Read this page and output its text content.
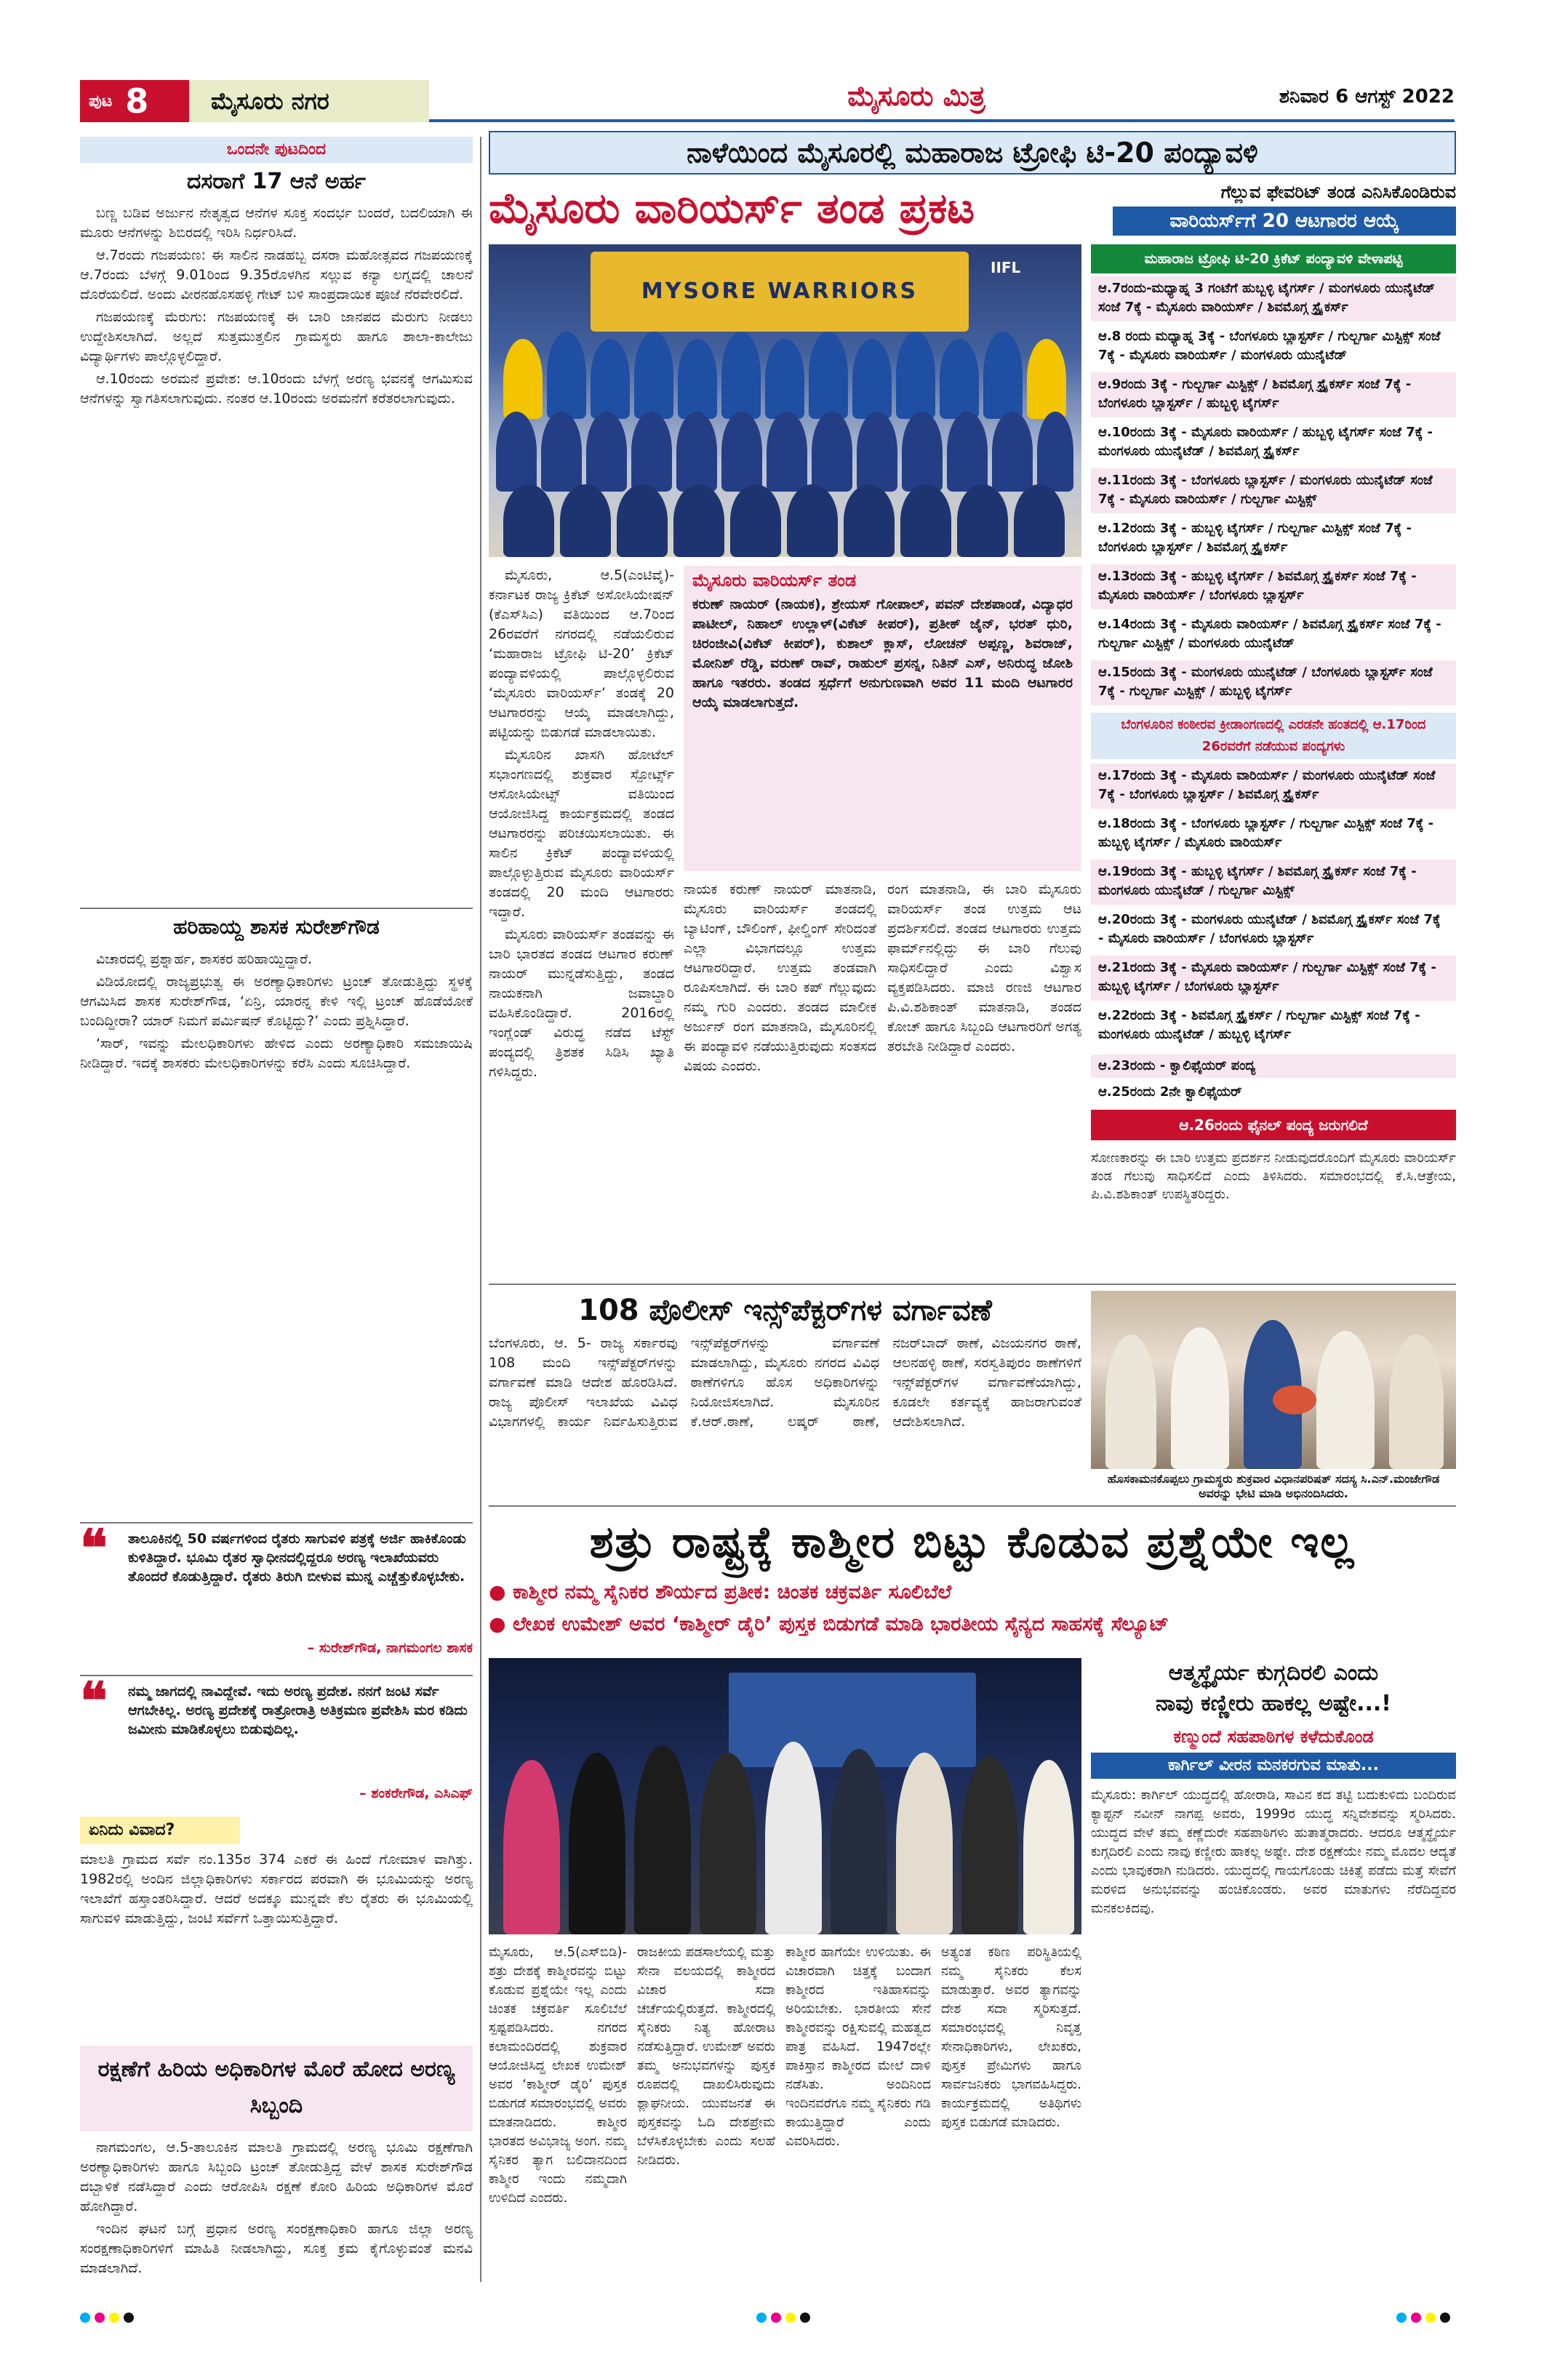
ಪುಟ 8	ಮೈಸೂರು ನಗರ	ಮೈಸೂರು ಮಿತ್ರ	ಶನಿವಾರ 6 ಆಗಸ್ಟ್ 2022
ಒಂದನೇ ಪುಟದಿಂದ
ದಸರಾಗೆ 17 ಆನೆ ಅರ್ಹ

ಬಣ್ಣ ಬಡಿವ ಅರ್ಜುನ ನೇತೃತ್ವದ ಆನೆಗಳ ಸೂಕ್ತ ಸಂದರ್ಭ ಬಂದರೆ, ಬದಲಿಯಾಗಿ ಈ ಮೂರು ಆನೆಗಳನ್ನು ಶಿಬಿರದಲ್ಲಿ ಇರಿಸಿ ನಿರ್ಧರಿಸಿದೆ.

ಆ.7ರಂದು ಗಜಪಯಣ: ಈ ಸಾಲಿನ ನಾಡಹಬ್ಬ ದಸರಾ ಮಹೋತ್ಸವದ ಗಜಪಯಣಕ್ಕೆ ಆ.7ರಂದು ಬೆಳಗ್ಗೆ 9.01ರಿಂದ 9.35ರೊಳಗಿನ ಸಲ್ಲುವ ಕನ್ಯಾ ಲಗ್ನದಲ್ಲಿ ಚಾಲನೆ ದೊರೆಯಲಿದೆ. ಅಂದು ವೀರನಹೊಸಹಳ್ಳಿ ಗೇಟ್ ಬಳಿ ಸಾಂಪ್ರದಾಯಿಕ ಪೂಜೆ ನೆರವೇರಲಿದೆ.

ಗಜಪಯಣಕ್ಕೆ ಮೆರುಗು: ಗಜಪಯಣಕ್ಕೆ ಈ ಬಾರಿ ಜಾನಪದ ಮೆರುಗು ನೀಡಲು ಉದ್ದೇಶಿಸಲಾಗಿದೆ. ಅಲ್ಲದೆ ಸುತ್ತಮುತ್ತಲಿನ ಗ್ರಾಮಸ್ಥರು ಹಾಗೂ ಶಾಲಾ-ಕಾಲೇಜು ವಿದ್ಯಾರ್ಥಿಗಳು ಪಾಲ್ಗೊಳ್ಳಲಿದ್ದಾರೆ.

ಆ.10ರಂದು ಅರಮನೆ ಪ್ರವೇಶ: ಆ.10ರಂದು ಬೆಳಗ್ಗೆ ಅರಣ್ಯ ಭವನಕ್ಕೆ ಆಗಮಿಸುವ ಆನೆಗಳನ್ನು ಸ್ವಾಗತಿಸಲಾಗುವುದು. ನಂತರ ಆ.10ರಂದು ಅರಮನೆಗೆ ಕರೆತರಲಾಗುವುದು.

ಹರಿಹಾಯ್ದ ಶಾಸಕ ಸುರೇಶ್‌ಗೌಡ

ವಿಚಾರದಲ್ಲಿ ಪ್ರಶ್ನಾರ್ಹ, ಶಾಸಕರ ಹರಿಹಾಯ್ದಿದ್ದಾರೆ.

ವಿಡಿಯೋದಲ್ಲಿ ರಾಜ್ಯಪ್ರಭುತ್ವ ಈ ಅರಣ್ಯಾಧಿಕಾರಿಗಳು ಟ್ರಂಚ್ ತೋಡುತ್ತಿದ್ದು ಸ್ಥಳಕ್ಕೆ ಆಗಮಿಸಿದ ಶಾಸಕ ಸುರೇಶ್‌ಗೌಡ, ‘ಏನ್ರಿ, ಯಾರನ್ನ ಕೇಳಿ ಇಲ್ಲಿ ಟ್ರಂಚ್ ಹೊಡೆಯೋಕೆ ಬಂದಿದ್ದೀರಾ? ಯಾರ್ ನಿಮಗೆ ಪರ್ಮಿಷನ್ ಕೊಟ್ಟಿದ್ದು?’ ಎಂದು ಪ್ರಶ್ನಿಸಿದ್ದಾರೆ.

‘ಸಾರ್, ಇವನ್ನು ಮೇಲಧಿಕಾರಿಗಳು ಹೇಳಿದ ಎಂದು ಅರಣ್ಯಾಧಿಕಾರಿ ಸಮಜಾಯಿಷಿ ನೀಡಿದ್ದಾರೆ. ಇದಕ್ಕೆ ಶಾಸಕರು ಮೇಲಧಿಕಾರಿಗಳನ್ನು ಕರೆಸಿ ಎಂದು ಸೂಚಿಸಿದ್ದಾರೆ.

❝ ತಾಲೂಕಿನಲ್ಲಿ 50 ವರ್ಷಗಳಿಂದ ರೈತರು ಸಾಗುವಳಿ ಪತ್ರಕ್ಕೆ ಅರ್ಜಿ ಹಾಕಿಕೊಂಡು ಕುಳಿತಿದ್ದಾರೆ. ಭೂಮಿ ರೈತರ ಸ್ವಾಧೀನದಲ್ಲಿದ್ದರೂ ಅರಣ್ಯ ಇಲಾಖೆಯವರು ತೊಂದರೆ ಕೊಡುತ್ತಿದ್ದಾರೆ. ರೈತರು ತಿರುಗಿ ಬೀಳುವ ಮುನ್ನ ಎಚ್ಚೆತ್ತುಕೊಳ್ಳಬೇಕು.
– ಸುರೇಶ್‌ಗೌಡ, ನಾಗಮಂಗಲ ಶಾಸಕ
❝ ನಮ್ಮ ಜಾಗದಲ್ಲಿ ನಾವಿದ್ದೇವೆ. ಇದು ಅರಣ್ಯ ಪ್ರದೇಶ. ನನಗೆ ಜಂಟಿ ಸರ್ವೆ ಆಗಬೇಕಿಲ್ಲ. ಅರಣ್ಯ ಪ್ರದೇಶಕ್ಕೆ ರಾತ್ರೋರಾತ್ರಿ ಅತಿಕ್ರಮಣ ಪ್ರವೇಶಿಸಿ ಮರ ಕಡಿದು ಜಮೀನು ಮಾಡಿಕೊಳ್ಳಲು ಬಿಡುವುದಿಲ್ಲ.
– ಶಂಕರೇಗೌಡ, ಎಸಿಎಫ್
ಏನಿದು ವಿವಾದ?
ಮಾಲತಿ ಗ್ರಾಮದ ಸರ್ವೆ ನಂ.135ರ 374 ಎಕರೆ ಈ ಹಿಂದೆ ಗೋಮಾಳ ವಾಗಿತ್ತು. 1982ರಲ್ಲಿ ಅಂದಿನ ಜಿಲ್ಲಾಧಿಕಾರಿಗಳು ಸರ್ಕಾರದ ಪರವಾಗಿ ಈ ಭೂಮಿಯನ್ನು ಅರಣ್ಯ ಇಲಾಖೆಗೆ ಹಸ್ತಾಂತರಿಸಿದ್ದಾರೆ. ಆದರೆ ಅದಕ್ಕೂ ಮುನ್ನವೇ ಕೆಲ ರೈತರು ಈ ಭೂಮಿಯಲ್ಲಿ ಸಾಗುವಳಿ ಮಾಡುತ್ತಿದ್ದು, ಜಂಟಿ ಸರ್ವೆಗೆ ಒತ್ತಾಯಿಸುತ್ತಿದ್ದಾರೆ.
ರಕ್ಷಣೆಗೆ ಹಿರಿಯ ಅಧಿಕಾರಿಗಳ ಮೊರೆ ಹೋದ ಅರಣ್ಯ ಸಿಬ್ಬಂದಿ

ನಾಗಮಂಗಲ, ಆ.5-ತಾಲೂಕಿನ ಮಾಲತಿ ಗ್ರಾಮದಲ್ಲಿ ಅರಣ್ಯ ಭೂಮಿ ರಕ್ಷಣೆಗಾಗಿ ಅರಣ್ಯಾಧಿಕಾರಿಗಳು ಹಾಗೂ ಸಿಬ್ಬಂದಿ ಟ್ರಂಚ್ ತೋಡುತ್ತಿದ್ದ ವೇಳೆ ಶಾಸಕ ಸುರೇಶ್‌ಗೌಡ ದಬ್ಬಾಳಿಕೆ ನಡೆಸಿದ್ದಾರೆ ಎಂದು ಆರೋಪಿಸಿ ರಕ್ಷಣೆ ಕೋರಿ ಹಿರಿಯ ಅಧಿಕಾರಿಗಳ ಮೊರೆ ಹೋಗಿದ್ದಾರೆ.

ಇಂದಿನ ಘಟನೆ ಬಗ್ಗೆ ಪ್ರಧಾನ ಅರಣ್ಯ ಸಂರಕ್ಷಣಾಧಿಕಾರಿ ಹಾಗೂ ಜಿಲ್ಲಾ ಅರಣ್ಯ ಸಂರಕ್ಷಣಾಧಿಕಾರಿಗಳಿಗೆ ಮಾಹಿತಿ ನೀಡಲಾಗಿದ್ದು, ಸೂಕ್ತ ಕ್ರಮ ಕೈಗೊಳ್ಳುವಂತೆ ಮನವಿ ಮಾಡಲಾಗಿದೆ.

ನಾಳೆಯಿಂದ ಮೈಸೂರಲ್ಲಿ ಮಹಾರಾಜ ಟ್ರೋಫಿ ಟಿ-20 ಪಂದ್ಯಾವಳಿ
ಮೈಸೂರು ವಾರಿಯರ್ಸ್ ತಂಡ ಪ್ರಕಟ	ಗೆಲ್ಲುವ ಫೇವರಿಟ್ ತಂಡ ಎನಿಸಿಕೊಂಡಿರುವ
ವಾರಿಯರ್ಸ್‌ಗೆ 20 ಆಟಗಾರರ ಆಯ್ಕೆ
MYSORE WARRIORS
IIFL

ಮೈಸೂರು, ಆ.5(ಎಂಟಿವೈ)- ಕರ್ನಾಟಕ ರಾಜ್ಯ ಕ್ರಿಕೆಟ್ ಅಸೋಸಿಯೇಷನ್ (ಕೆಎಸ್‌ಸಿಎ) ವತಿಯಿಂದ ಆ.7ರಿಂದ 26ರವರೆಗೆ ನಗರದಲ್ಲಿ ನಡೆಯಲಿರುವ ‘ಮಹಾರಾಜ ಟ್ರೋಫಿ ಟಿ-20’ ಕ್ರಿಕೆಟ್ ಪಂದ್ಯಾವಳಿಯಲ್ಲಿ ಪಾಲ್ಗೊಳ್ಳಲಿರುವ ‘ಮೈಸೂರು ವಾರಿಯರ್ಸ್’ ತಂಡಕ್ಕೆ 20 ಆಟಗಾರರನ್ನು ಆಯ್ಕೆ ಮಾಡಲಾಗಿದ್ದು, ಪಟ್ಟಿಯನ್ನು ಬಿಡುಗಡೆ ಮಾಡಲಾಯಿತು.

ಮೈಸೂರಿನ ಖಾಸಗಿ ಹೋಟೆಲ್ ಸಭಾಂಗಣದಲ್ಲಿ ಶುಕ್ರವಾರ ಸ್ಪೋರ್ಟ್ಸ್ ಆಸೋಸಿಯೇಟ್ಸ್ ವತಿಯಿಂದ ಆಯೋಜಿಸಿದ್ದ ಕಾರ್ಯಕ್ರಮದಲ್ಲಿ ತಂಡದ ಆಟಗಾರರನ್ನು ಪರಿಚಯಿಸಲಾಯಿತು. ಈ ಸಾಲಿನ ಕ್ರಿಕೆಟ್ ಪಂದ್ಯಾವಳಿಯಲ್ಲಿ ಪಾಲ್ಗೊಳ್ಳುತ್ತಿರುವ ಮೈಸೂರು ವಾರಿಯರ್ಸ್ ತಂಡದಲ್ಲಿ 20 ಮಂದಿ ಆಟಗಾರರು ಇದ್ದಾರೆ.

ಮೈಸೂರು ವಾರಿಯರ್ಸ್ ತಂಡವನ್ನು ಈ ಬಾರಿ ಭಾರತದ ತಂಡದ ಆಟಗಾರ ಕರುಣ್ ನಾಯರ್ ಮುನ್ನಡೆಸುತ್ತಿದ್ದು, ತಂಡದ ನಾಯಕನಾಗಿ ಜವಾಬ್ದಾರಿ ವಹಿಸಿಕೊಂಡಿದ್ದಾರೆ. 2016ರಲ್ಲಿ ಇಂಗ್ಲೆಂಡ್ ವಿರುದ್ಧ ನಡೆದ ಟೆಸ್ಟ್ ಪಂದ್ಯದಲ್ಲಿ ತ್ರಿಶತಕ ಸಿಡಿಸಿ ಖ್ಯಾತಿ ಗಳಿಸಿದ್ದರು.

ಮೈಸೂರು ವಾರಿಯರ್ಸ್ ತಂಡ
ಕರುಣ್ ನಾಯರ್ (ನಾಯಕ), ಶ್ರೇಯಸ್ ಗೋಪಾಲ್, ಪವನ್ ದೇಶಪಾಂಡೆ, ವಿದ್ಯಾಧರ ಪಾಟೀಲ್, ನಿಹಾಲ್ ಉಲ್ಲಾಳ್(ವಿಕೆಟ್ ಕೀಪರ್), ಪ್ರತೀಕ್ ಜೈನ್, ಭರತ್ ಧುರಿ, ಚಿರಂಜೀವಿ(ವಿಕೆಟ್ ಕೀಪರ್), ಕುಶಾಲ್ ಕ್ಲಾಸ್, ಲೋಚನ್ ಅಪ್ಪಣ್ಣ, ಶಿವರಾಜ್, ಮೋನಿಶ್ ರೆಡ್ಡಿ, ವರುಣ್ ರಾವ್, ರಾಹುಲ್ ಪ್ರಸನ್ನ, ನಿತಿನ್ ಎಸ್, ಅನಿರುದ್ಧ ಜೋಶಿ ಹಾಗೂ ಇತರರು. ತಂಡದ ಸ್ಪರ್ಧೆಗೆ ಅನುಗುಣವಾಗಿ ಅವರ 11 ಮಂದಿ ಆಟಗಾರರ ಆಯ್ಕೆ ಮಾಡಲಾಗುತ್ತದೆ.
ನಾಯಕ ಕರುಣ್ ನಾಯರ್ ಮಾತನಾಡಿ, ಮೈಸೂರು ವಾರಿಯರ್ಸ್ ತಂಡದಲ್ಲಿ ಬ್ಯಾಟಿಂಗ್, ಬೌಲಿಂಗ್, ಫೀಲ್ಡಿಂಗ್ ಸೇರಿದಂತೆ ಎಲ್ಲಾ ವಿಭಾಗದಲ್ಲೂ ಉತ್ತಮ ಆಟಗಾರರಿದ್ದಾರೆ. ಉತ್ತಮ ತಂಡವಾಗಿ ರೂಪಿಸಲಾಗಿದೆ. ಈ ಬಾರಿ ಕಪ್ ಗೆಲ್ಲುವುದು ನಮ್ಮ ಗುರಿ ಎಂದರು. ತಂಡದ ಮಾಲೀಕ ಅರ್ಜುನ್ ರಂಗ ಮಾತನಾಡಿ, ಮೈಸೂರಿನಲ್ಲಿ ಈ ಪಂದ್ಯಾವಳಿ ನಡೆಯುತ್ತಿರುವುದು ಸಂತಸದ ವಿಷಯ ಎಂದರು.
ರಂಗ ಮಾತನಾಡಿ, ಈ ಬಾರಿ ಮೈಸೂರು ವಾರಿಯರ್ಸ್ ತಂಡ ಉತ್ತಮ ಆಟ ಪ್ರದರ್ಶಿಸಲಿದೆ. ತಂಡದ ಆಟಗಾರರು ಉತ್ತಮ ಫಾರ್ಮ್‌ನಲ್ಲಿದ್ದು ಈ ಬಾರಿ ಗೆಲುವು ಸಾಧಿಸಲಿದ್ದಾರೆ ಎಂದು ವಿಶ್ವಾಸ ವ್ಯಕ್ತಪಡಿಸಿದರು. ಮಾಜಿ ರಣಜಿ ಆಟಗಾರ ಪಿ.ವಿ.ಶಶಿಕಾಂತ್ ಮಾತನಾಡಿ, ತಂಡದ ಕೋಚ್ ಹಾಗೂ ಸಿಬ್ಬಂದಿ ಆಟಗಾರರಿಗೆ ಅಗತ್ಯ ತರಬೇತಿ ನೀಡಿದ್ದಾರೆ ಎಂದರು.
ಮಹಾರಾಜ ಟ್ರೋಫಿ ಟಿ-20 ಕ್ರಿಕೆಟ್ ಪಂದ್ಯಾವಳಿ ವೇಳಾಪಟ್ಟಿ
ಆ.7ರಂದು-ಮಧ್ಯಾಹ್ನ 3 ಗಂಟೆಗೆ ಹುಬ್ಬಳ್ಳಿ ಟೈಗರ್ಸ್ / ಮಂಗಳೂರು ಯುನೈಟೆಡ್ ಸಂಜೆ 7ಕ್ಕೆ - ಮೈಸೂರು ವಾರಿಯರ್ಸ್ / ಶಿವಮೊಗ್ಗ ಸ್ಟ್ರೈಕರ್ಸ್
ಆ.8 ರಂದು ಮಧ್ಯಾಹ್ನ 3ಕ್ಕೆ - ಬೆಂಗಳೂರು ಬ್ಲಾಸ್ಟರ್ಸ್ / ಗುಲ್ಬರ್ಗಾ ಮಿಸ್ಟಿಕ್ಸ್ ಸಂಜೆ 7ಕ್ಕೆ - ಮೈಸೂರು ವಾರಿಯರ್ಸ್ / ಮಂಗಳೂರು ಯುನೈಟೆಡ್
ಆ.9ರಂದು 3ಕ್ಕೆ - ಗುಲ್ಬರ್ಗಾ ಮಿಸ್ಟಿಕ್ಸ್ / ಶಿವಮೊಗ್ಗ ಸ್ಟ್ರೈಕರ್ಸ್ ಸಂಜೆ 7ಕ್ಕೆ - ಬೆಂಗಳೂರು ಬ್ಲಾಸ್ಟರ್ಸ್ / ಹುಬ್ಬಳ್ಳಿ ಟೈಗರ್ಸ್
ಆ.10ರಂದು 3ಕ್ಕೆ - ಮೈಸೂರು ವಾರಿಯರ್ಸ್ / ಹುಬ್ಬಳ್ಳಿ ಟೈಗರ್ಸ್ ಸಂಜೆ 7ಕ್ಕೆ - ಮಂಗಳೂರು ಯುನೈಟೆಡ್ / ಶಿವಮೊಗ್ಗ ಸ್ಟ್ರೈಕರ್ಸ್
ಆ.11ರಂದು 3ಕ್ಕೆ - ಬೆಂಗಳೂರು ಬ್ಲಾಸ್ಟರ್ಸ್ / ಮಂಗಳೂರು ಯುನೈಟೆಡ್ ಸಂಜೆ 7ಕ್ಕೆ - ಮೈಸೂರು ವಾರಿಯರ್ಸ್ / ಗುಲ್ಬರ್ಗಾ ಮಿಸ್ಟಿಕ್ಸ್
ಆ.12ರಂದು 3ಕ್ಕೆ - ಹುಬ್ಬಳ್ಳಿ ಟೈಗರ್ಸ್ / ಗುಲ್ಬರ್ಗಾ ಮಿಸ್ಟಿಕ್ಸ್ ಸಂಜೆ 7ಕ್ಕೆ - ಬೆಂಗಳೂರು ಬ್ಲಾಸ್ಟರ್ಸ್ / ಶಿವಮೊಗ್ಗ ಸ್ಟ್ರೈಕರ್ಸ್
ಆ.13ರಂದು 3ಕ್ಕೆ - ಹುಬ್ಬಳ್ಳಿ ಟೈಗರ್ಸ್ / ಶಿವಮೊಗ್ಗ ಸ್ಟ್ರೈಕರ್ಸ್ ಸಂಜೆ 7ಕ್ಕೆ - ಮೈಸೂರು ವಾರಿಯರ್ಸ್ / ಬೆಂಗಳೂರು ಬ್ಲಾಸ್ಟರ್ಸ್
ಆ.14ರಂದು 3ಕ್ಕೆ - ಮೈಸೂರು ವಾರಿಯರ್ಸ್ / ಶಿವಮೊಗ್ಗ ಸ್ಟ್ರೈಕರ್ಸ್ ಸಂಜೆ 7ಕ್ಕೆ - ಗುಲ್ಬರ್ಗಾ ಮಿಸ್ಟಿಕ್ಸ್ / ಮಂಗಳೂರು ಯುನೈಟೆಡ್
ಆ.15ರಂದು 3ಕ್ಕೆ - ಮಂಗಳೂರು ಯುನೈಟೆಡ್ / ಬೆಂಗಳೂರು ಬ್ಲಾಸ್ಟರ್ಸ್ ಸಂಜೆ 7ಕ್ಕೆ - ಗುಲ್ಬರ್ಗಾ ಮಿಸ್ಟಿಕ್ಸ್ / ಹುಬ್ಬಳ್ಳಿ ಟೈಗರ್ಸ್
ಬೆಂಗಳೂರಿನ ಕಂಠೀರವ ಕ್ರೀಡಾಂಗಣದಲ್ಲಿ ಎರಡನೇ ಹಂತದಲ್ಲಿ ಆ.17ರಿಂದ 26ರವರೆಗೆ ನಡೆಯುವ ಪಂದ್ಯಗಳು
ಆ.17ರಂದು 3ಕ್ಕೆ - ಮೈಸೂರು ವಾರಿಯರ್ಸ್ / ಮಂಗಳೂರು ಯುನೈಟೆಡ್ ಸಂಜೆ 7ಕ್ಕೆ - ಬೆಂಗಳೂರು ಬ್ಲಾಸ್ಟರ್ಸ್ / ಶಿವಮೊಗ್ಗ ಸ್ಟ್ರೈಕರ್ಸ್
ಆ.18ರಂದು 3ಕ್ಕೆ - ಬೆಂಗಳೂರು ಬ್ಲಾಸ್ಟರ್ಸ್ / ಗುಲ್ಬರ್ಗಾ ಮಿಸ್ಟಿಕ್ಸ್ ಸಂಜೆ 7ಕ್ಕೆ - ಹುಬ್ಬಳ್ಳಿ ಟೈಗರ್ಸ್ / ಮೈಸೂರು ವಾರಿಯರ್ಸ್
ಆ.19ರಂದು 3ಕ್ಕೆ - ಹುಬ್ಬಳ್ಳಿ ಟೈಗರ್ಸ್ / ಶಿವಮೊಗ್ಗ ಸ್ಟ್ರೈಕರ್ಸ್ ಸಂಜೆ 7ಕ್ಕೆ - ಮಂಗಳೂರು ಯುನೈಟೆಡ್ / ಗುಲ್ಬರ್ಗಾ ಮಿಸ್ಟಿಕ್ಸ್
ಆ.20ರಂದು 3ಕ್ಕೆ - ಮಂಗಳೂರು ಯುನೈಟೆಡ್ / ಶಿವಮೊಗ್ಗ ಸ್ಟ್ರೈಕರ್ಸ್ ಸಂಜೆ 7ಕ್ಕೆ - ಮೈಸೂರು ವಾರಿಯರ್ಸ್ / ಬೆಂಗಳೂರು ಬ್ಲಾಸ್ಟರ್ಸ್
ಆ.21ರಂದು 3ಕ್ಕೆ - ಮೈಸೂರು ವಾರಿಯರ್ಸ್ / ಗುಲ್ಬರ್ಗಾ ಮಿಸ್ಟಿಕ್ಸ್ ಸಂಜೆ 7ಕ್ಕೆ - ಹುಬ್ಬಳ್ಳಿ ಟೈಗರ್ಸ್ / ಬೆಂಗಳೂರು ಬ್ಲಾಸ್ಟರ್ಸ್
ಆ.22ರಂದು 3ಕ್ಕೆ - ಶಿವಮೊಗ್ಗ ಸ್ಟ್ರೈಕರ್ಸ್ / ಗುಲ್ಬರ್ಗಾ ಮಿಸ್ಟಿಕ್ಸ್ ಸಂಜೆ 7ಕ್ಕೆ - ಮಂಗಳೂರು ಯುನೈಟೆಡ್ / ಹುಬ್ಬಳ್ಳಿ ಟೈಗರ್ಸ್
ಆ.23ರಂದು - ಕ್ವಾಲಿಫೈಯರ್ ಪಂದ್ಯ
ಆ.25ರಂದು 2ನೇ ಕ್ವಾಲಿಫೈಯರ್
ಆ.26ರಂದು ಫೈನಲ್ ಪಂದ್ಯ ಜರುಗಲಿದೆ
ಸೋಣಕಾರನ್ನು ಈ ಬಾರಿ ಉತ್ತಮ ಪ್ರದರ್ಶನ ನೀಡುವುದರೊಂದಿಗೆ ಮೈಸೂರು ವಾರಿಯರ್ಸ್ ತಂಡ ಗೆಲುವು ಸಾಧಿಸಲಿದೆ ಎಂದು ತಿಳಿಸಿದರು. ಸಮಾರಂಭದಲ್ಲಿ ಕೆ.ಸಿ.ಆತ್ರೇಯ, ಪಿ.ವಿ.ಶಶಿಕಾಂತ್ ಉಪಸ್ಥಿತರಿದ್ದರು.
108 ಪೊಲೀಸ್ ಇನ್ಸ್‌ಪೆಕ್ಟರ್‌ಗಳ ವರ್ಗಾವಣೆ
ಬೆಂಗಳೂರು, ಆ. 5- ರಾಜ್ಯ ಸರ್ಕಾರವು 108 ಮಂದಿ ಇನ್ಸ್‌ಪೆಕ್ಟರ್‌ಗಳನ್ನು ವರ್ಗಾವಣೆ ಮಾಡಿ ಆದೇಶ ಹೊರಡಿಸಿದೆ. ರಾಜ್ಯ ಪೊಲೀಸ್ ಇಲಾಖೆಯ ವಿವಿಧ ವಿಭಾಗಗಳಲ್ಲಿ ಕಾರ್ಯ ನಿರ್ವಹಿಸುತ್ತಿರುವ ಇನ್ಸ್‌ಪೆಕ್ಟರ್‌ಗಳನ್ನು ವರ್ಗಾವಣೆ ಮಾಡಲಾಗಿದ್ದು, ಮೈಸೂರು ನಗರದ ವಿವಿಧ ಠಾಣೆಗಳಿಗೂ ಹೊಸ ಅಧಿಕಾರಿಗಳನ್ನು ನಿಯೋಜಿಸಲಾಗಿದೆ. ಮೈಸೂರಿನ ಕೆ.ಆರ್.ಠಾಣೆ, ಲಷ್ಕರ್ ಠಾಣೆ, ನಜರ್‌ಬಾದ್ ಠಾಣೆ, ವಿಜಯನಗರ ಠಾಣೆ, ಆಲನಹಳ್ಳಿ ಠಾಣೆ, ಸರಸ್ವತಿಪುರಂ ಠಾಣೆಗಳಿಗೆ ಇನ್ಸ್‌ಪೆಕ್ಟರ್‌ಗಳ ವರ್ಗಾವಣೆಯಾಗಿದ್ದು, ಕೂಡಲೇ ಕರ್ತವ್ಯಕ್ಕೆ ಹಾಜರಾಗುವಂತೆ ಆದೇಶಿಸಲಾಗಿದೆ.
ಹೊಸಕಾಮನಕೊಪ್ಪಲು ಗ್ರಾಮಸ್ಥರು ಶುಕ್ರವಾರ ವಿಧಾನಪರಿಷತ್ ಸದಸ್ಯ ಸಿ.ಎನ್.ಮಂಜೇಗೌಡ ಅವರನ್ನು ಭೇಟಿ ಮಾಡಿ ಅಭಿನಂದಿಸಿದರು.
ಶತ್ರು ರಾಷ್ಟ್ರಕ್ಕೆ ಕಾಶ್ಮೀರ ಬಿಟ್ಟು ಕೊಡುವ ಪ್ರಶ್ನೆಯೇ ಇಲ್ಲ
● ಕಾಶ್ಮೀರ ನಮ್ಮ ಸೈನಿಕರ ಶೌರ್ಯದ ಪ್ರತೀಕ: ಚಿಂತಕ ಚಕ್ರವರ್ತಿ ಸೂಲಿಬೆಲೆ
● ಲೇಖಕ ಉಮೇಶ್ ಅವರ ‘ಕಾಶ್ಮೀರ್ ಡೈರಿ’ ಪುಸ್ತಕ ಬಿಡುಗಡೆ ಮಾಡಿ ಭಾರತೀಯ ಸೈನ್ಯದ ಸಾಹಸಕ್ಕೆ ಸೆಲ್ಯೂಟ್
ಮೈಸೂರು, ಆ.5(ಎಸ್‌ಬಿಡಿ)- ಶತ್ರು ದೇಶಕ್ಕೆ ಕಾಶ್ಮೀರವನ್ನು ಬಿಟ್ಟು ಕೊಡುವ ಪ್ರಶ್ನೆಯೇ ಇಲ್ಲ ಎಂದು ಚಿಂತಕ ಚಕ್ರವರ್ತಿ ಸೂಲಿಬೆಲೆ ಸ್ಪಷ್ಟಪಡಿಸಿದರು. ನಗರದ ಕಲಾಮಂದಿರದಲ್ಲಿ ಶುಕ್ರವಾರ ಆಯೋಜಿಸಿದ್ದ ಲೇಖಕ ಉಮೇಶ್ ಅವರ ‘ಕಾಶ್ಮೀರ್ ಡೈರಿ’ ಪುಸ್ತಕ ಬಿಡುಗಡೆ ಸಮಾರಂಭದಲ್ಲಿ ಅವರು ಮಾತನಾಡಿದರು. ಕಾಶ್ಮೀರ ಭಾರತದ ಅವಿಭಾಜ್ಯ ಅಂಗ. ನಮ್ಮ ಸೈನಿಕರ ತ್ಯಾಗ ಬಲಿದಾನದಿಂದ ಕಾಶ್ಮೀರ ಇಂದು ನಮ್ಮದಾಗಿ ಉಳಿದಿದೆ ಎಂದರು.
ರಾಜಕೀಯ ಪಡಸಾಲೆಯಲ್ಲಿ ಮತ್ತು ಸೇನಾ ವಲಯದಲ್ಲಿ ಕಾಶ್ಮೀರದ ವಿಚಾರ ಸದಾ ಚರ್ಚೆಯಲ್ಲಿರುತ್ತದೆ. ಕಾಶ್ಮೀರದಲ್ಲಿ ಸೈನಿಕರು ನಿತ್ಯ ಹೋರಾಟ ನಡೆಸುತ್ತಿದ್ದಾರೆ. ಉಮೇಶ್ ಅವರು ತಮ್ಮ ಅನುಭವಗಳನ್ನು ಪುಸ್ತಕ ರೂಪದಲ್ಲಿ ದಾಖಲಿಸಿರುವುದು ಶ್ಲಾಘನೀಯ. ಯುವಜನತೆ ಈ ಪುಸ್ತಕವನ್ನು ಓದಿ ದೇಶಪ್ರೇಮ ಬೆಳೆಸಿಕೊಳ್ಳಬೇಕು ಎಂದು ಸಲಹೆ ನೀಡಿದರು.
ಕಾಶ್ಮೀರ ಹಾಗೆಯೇ ಉಳಿಯಿತು. ಈ ವಿಚಾರವಾಗಿ ಚಿತ್ತಕ್ಕೆ ಬಂದಾಗ ಕಾಶ್ಮೀರದ ಇತಿಹಾಸವನ್ನು ಅರಿಯಬೇಕು. ಭಾರತೀಯ ಸೇನೆ ಕಾಶ್ಮೀರವನ್ನು ರಕ್ಷಿಸುವಲ್ಲಿ ಮಹತ್ವದ ಪಾತ್ರ ವಹಿಸಿದೆ. 1947ರಲ್ಲೇ ಪಾಕಿಸ್ತಾನ ಕಾಶ್ಮೀರದ ಮೇಲೆ ದಾಳಿ ನಡೆಸಿತು. ಅಂದಿನಿಂದ ಇಂದಿನವರೆಗೂ ನಮ್ಮ ಸೈನಿಕರು ಗಡಿ ಕಾಯುತ್ತಿದ್ದಾರೆ ಎಂದು ವಿವರಿಸಿದರು.
ಅತ್ಯಂತ ಕಠಿಣ ಪರಿಸ್ಥಿತಿಯಲ್ಲಿ ನಮ್ಮ ಸೈನಿಕರು ಕೆಲಸ ಮಾಡುತ್ತಾರೆ. ಅವರ ತ್ಯಾಗವನ್ನು ದೇಶ ಸದಾ ಸ್ಮರಿಸುತ್ತದೆ. ಸಮಾರಂಭದಲ್ಲಿ ನಿವೃತ್ತ ಸೇನಾಧಿಕಾರಿಗಳು, ಲೇಖಕರು, ಪುಸ್ತಕ ಪ್ರೇಮಿಗಳು ಹಾಗೂ ಸಾರ್ವಜನಿಕರು ಭಾಗವಹಿಸಿದ್ದರು. ಕಾರ್ಯಕ್ರಮದಲ್ಲಿ ಅತಿಥಿಗಳು ಪುಸ್ತಕ ಬಿಡುಗಡೆ ಮಾಡಿದರು.
ಆತ್ಮಸ್ಥೈರ್ಯ ಕುಗ್ಗದಿರಲಿ ಎಂದು
ನಾವು ಕಣ್ಣೀರು ಹಾಕಲ್ಲ ಅಷ್ಟೇ...!
ಕಣ್ಮುಂದೆ ಸಹಪಾಠಿಗಳ ಕಳೆದುಕೊಂಡ
ಕಾರ್ಗಿಲ್ ವೀರನ ಮನಕರಗುವ ಮಾತು...
ಮೈಸೂರು: ಕಾರ್ಗಿಲ್ ಯುದ್ಧದಲ್ಲಿ ಹೋರಾಡಿ, ಸಾವಿನ ಕದ ತಟ್ಟಿ ಬದುಕುಳಿದು ಬಂದಿರುವ ಕ್ಯಾಪ್ಟನ್ ನವೀನ್ ನಾಗಪ್ಪ ಅವರು, 1999ರ ಯುದ್ಧ ಸನ್ನಿವೇಶವನ್ನು ಸ್ಮರಿಸಿದರು. ಯುದ್ಧದ ವೇಳೆ ತಮ್ಮ ಕಣ್ಣೆದುರೇ ಸಹಪಾಠಿಗಳು ಹುತಾತ್ಮರಾದರು. ಆದರೂ ಆತ್ಮಸ್ಥೈರ್ಯ ಕುಗ್ಗದಿರಲಿ ಎಂದು ನಾವು ಕಣ್ಣೀರು ಹಾಕಲ್ಲ ಅಷ್ಟೇ. ದೇಶ ರಕ್ಷಣೆಯೇ ನಮ್ಮ ಮೊದಲ ಆದ್ಯತೆ ಎಂದು ಭಾವುಕರಾಗಿ ನುಡಿದರು. ಯುದ್ಧದಲ್ಲಿ ಗಾಯಗೊಂಡು ಚಿಕಿತ್ಸೆ ಪಡೆದು ಮತ್ತೆ ಸೇವೆಗೆ ಮರಳಿದ ಅನುಭವವನ್ನು ಹಂಚಿಕೊಂಡರು. ಅವರ ಮಾತುಗಳು ನೆರೆದಿದ್ದವರ ಮನಕಲಕಿದವು.
